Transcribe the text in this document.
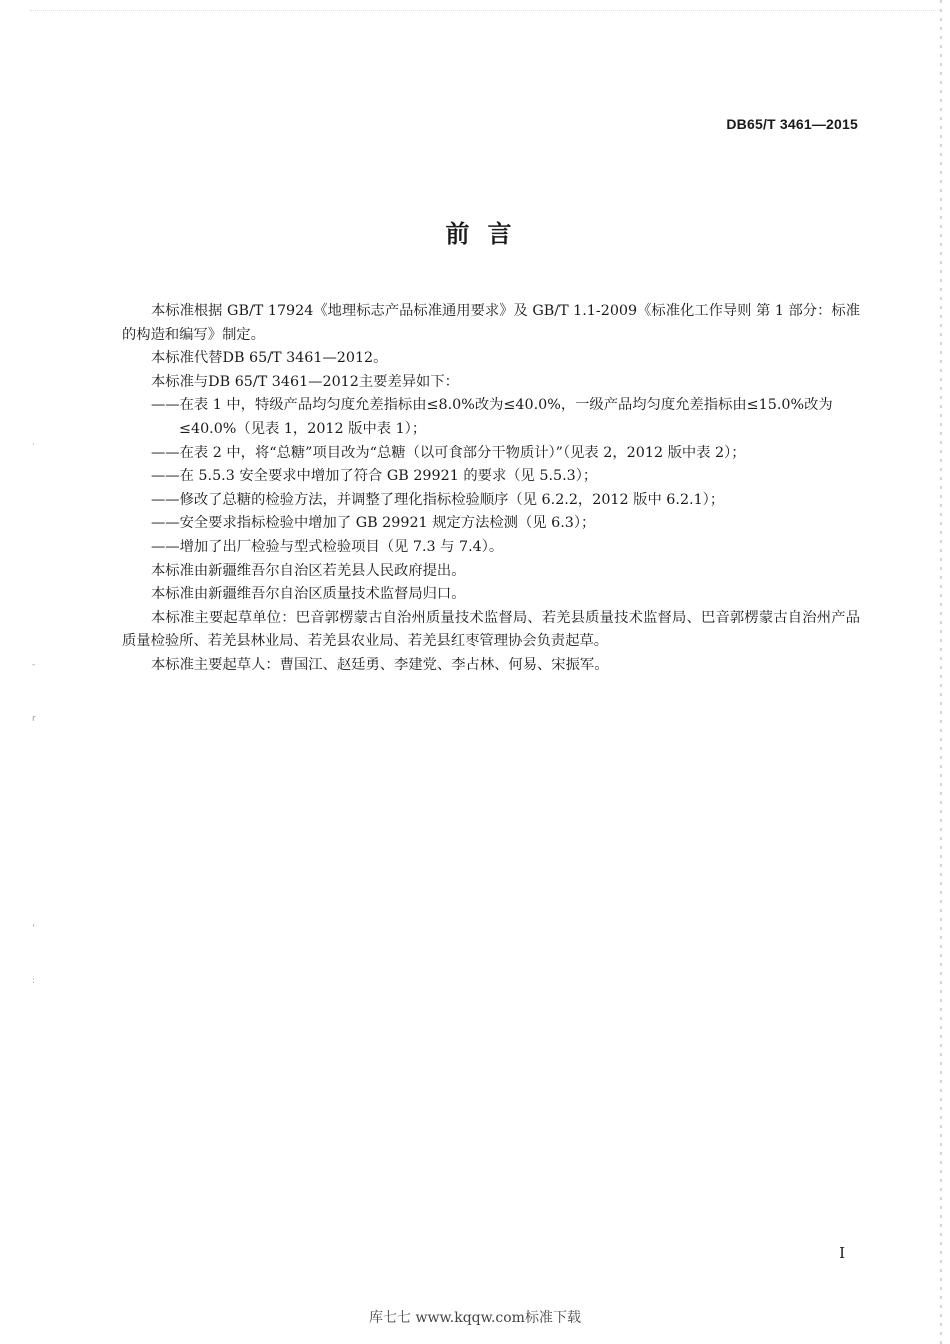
·
-
r
ʼ
:
DB65/T 3461—2015
前言

本标准根据 GB/T 17924《地理标志产品标准通用要求》及 GB/T 1.1-2009《标准化工作导则 第 1 部分：标准的构造和编写》制定。

本标准代替DB 65/T 3461—2012。

本标准与DB 65/T 3461—2012主要差异如下：

——在表 1 中，特级产品均匀度允差指标由≤8.0%改为≤40.0%，一级产品均匀度允差指标由≤15.0%改为≤40.0%（见表 1，2012 版中表 1）；

——在表 2 中，将“总糖”项目改为“总糖（以可食部分干物质计）”（见表 2，2012 版中表 2）；

——在 5.5.3 安全要求中增加了符合 GB 29921 的要求（见 5.5.3）；

——修改了总糖的检验方法，并调整了理化指标检验顺序（见 6.2.2，2012 版中 6.2.1）；

——安全要求指标检验中增加了 GB 29921 规定方法检测（见 6.3）；

——增加了出厂检验与型式检验项目（见 7.3 与 7.4）。

本标准由新疆维吾尔自治区若羌县人民政府提出。

本标准由新疆维吾尔自治区质量技术监督局归口。

本标准主要起草单位：巴音郭楞蒙古自治州质量技术监督局、若羌县质量技术监督局、巴音郭楞蒙古自治州产品质量检验所、若羌县林业局、若羌县农业局、若羌县红枣管理协会负责起草。

本标准主要起草人：曹国江、赵廷勇、李建党、李占林、何易、宋振军。

I
库七七 www.kqqw.com标准下载
